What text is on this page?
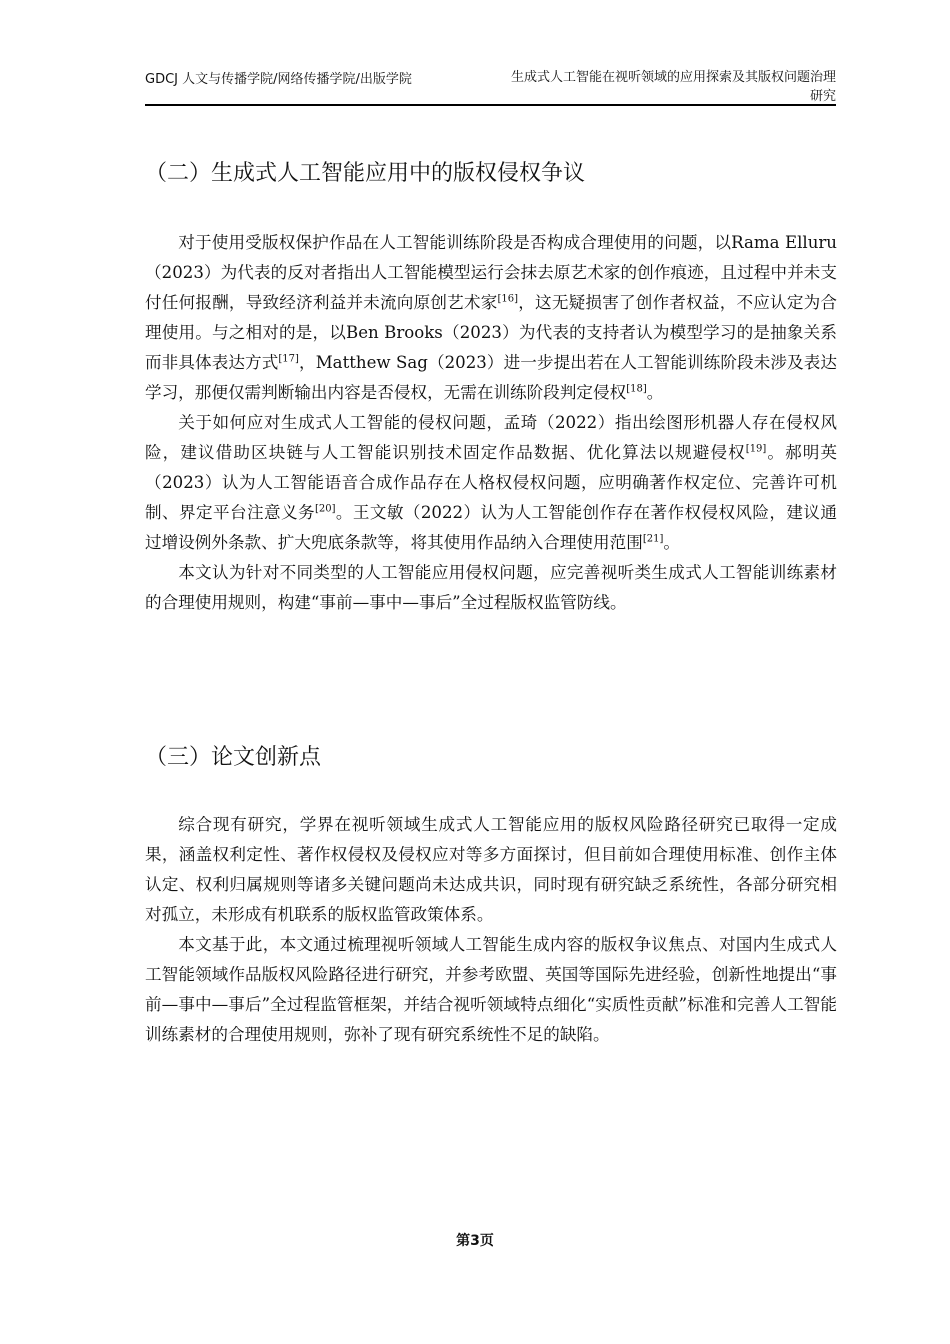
GDCJ 人文与传播学院/网络传播学院/出版学院	生成式人工智能在视听领域的应用探索及其版权问题治理研究
（二）生成式人工智能应用中的版权侵权争议

对于使用受版权保护作品在人工智能训练阶段是否构成合理使用的问题，以Rama Elluru（2023）为代表的反对者指出人工智能模型运行会抹去原艺术家的创作痕迹，且过程中并未支付任何报酬，导致经济利益并未流向原创艺术家[16]，这无疑损害了创作者权益，不应认定为合理使用。与之相对的是，以Ben Brooks（2023）为代表的支持者认为模型学习的是抽象关系而非具体表达方式[17]，Matthew Sag（2023）进一步提出若在人工智能训练阶段未涉及表达学习，那便仅需判断输出内容是否侵权，无需在训练阶段判定侵权[18]。

关于如何应对生成式人工智能的侵权问题，孟琦（2022）指出绘图形机器人存在侵权风险，建议借助区块链与人工智能识别技术固定作品数据、优化算法以规避侵权[19]。郝明英（2023）认为人工智能语音合成作品存在人格权侵权问题，应明确著作权定位、完善许可机制、界定平台注意义务[20]。王文敏（2022）认为人工智能创作存在著作权侵权风险，建议通过增设例外条款、扩大兜底条款等，将其使用作品纳入合理使用范围[21]。

本文认为针对不同类型的人工智能应用侵权问题，应完善视听类生成式人工智能训练素材的合理使用规则，构建“事前—事中—事后”全过程版权监管防线。

（三）论文创新点

综合现有研究，学界在视听领域生成式人工智能应用的版权风险路径研究已取得一定成果，涵盖权利定性、著作权侵权及侵权应对等多方面探讨，但目前如合理使用标准、创作主体认定、权利归属规则等诸多关键问题尚未达成共识，同时现有研究缺乏系统性，各部分研究相对孤立，未形成有机联系的版权监管政策体系。

本文基于此，本文通过梳理视听领域人工智能生成内容的版权争议焦点、对国内生成式人工智能领域作品版权风险路径进行研究，并参考欧盟、英国等国际先进经验，创新性地提出“事前—事中—事后”全过程监管框架，并结合视听领域特点细化“实质性贡献”标准和完善人工智能训练素材的合理使用规则，弥补了现有研究系统性不足的缺陷。

第3页
